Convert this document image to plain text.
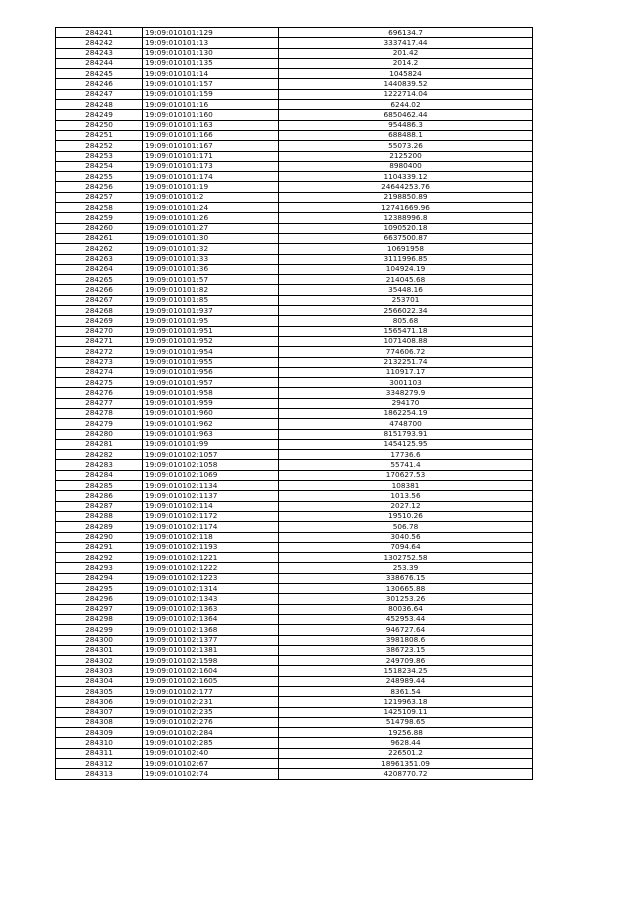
284241	19:09:010101:129	696134.7
284242	19:09:010101:13	3337417.44
284243	19:09:010101:130	201.42
284244	19:09:010101:135	2014.2
284245	19:09:010101:14	1045824
284246	19:09:010101:157	1440839.52
284247	19:09:010101:159	1222714.04
284248	19:09:010101:16	6244.02
284249	19:09:010101:160	6850462.44
284250	19:09:010101:163	954486.3
284251	19:09:010101:166	688488.1
284252	19:09:010101:167	55073.26
284253	19:09:010101:171	2125200
284254	19:09:010101:173	8980400
284255	19:09:010101:174	1104339.12
284256	19:09:010101:19	24644253.76
284257	19:09:010101:2	2198850.89
284258	19:09:010101:24	12741669.96
284259	19:09:010101:26	12388996.8
284260	19:09:010101:27	1090520.18
284261	19:09:010101:30	6637500.87
284262	19:09:010101:32	10691958
284263	19:09:010101:33	3111996.85
284264	19:09:010101:36	104924.19
284265	19:09:010101:57	214045.68
284266	19:09:010101:82	35448.16
284267	19:09:010101:85	253701
284268	19:09:010101:937	2566022.34
284269	19:09:010101:95	805.68
284270	19:09:010101:951	1565471.18
284271	19:09:010101:952	1071408.88
284272	19:09:010101:954	774606.72
284273	19:09:010101:955	2132251.74
284274	19:09:010101:956	110917.17
284275	19:09:010101:957	3001103
284276	19:09:010101:958	3348279.9
284277	19:09:010101:959	294170
284278	19:09:010101:960	1862254.19
284279	19:09:010101:962	4748700
284280	19:09:010101:963	8151793.91
284281	19:09:010101:99	1454125.95
284282	19:09:010102:1057	17736.6
284283	19:09:010102:1058	55741.4
284284	19:09:010102:1069	170627.53
284285	19:09:010102:1134	108381
284286	19:09:010102:1137	1013.56
284287	19:09:010102:114	2027.12
284288	19:09:010102:1172	19510.26
284289	19:09:010102:1174	506.78
284290	19:09:010102:118	3040.56
284291	19:09:010102:1193	7094.64
284292	19:09:010102:1221	1302752.58
284293	19:09:010102:1222	253.39
284294	19:09:010102:1223	338676.15
284295	19:09:010102:1314	130665.88
284296	19:09:010102:1343	301253.26
284297	19:09:010102:1363	80036.64
284298	19:09:010102:1364	452953.44
284299	19:09:010102:1368	946727.64
284300	19:09:010102:1377	3981808.6
284301	19:09:010102:1381	386723.15
284302	19:09:010102:1598	249709.86
284303	19:09:010102:1604	1518234.25
284304	19:09:010102:1605	248989.44
284305	19:09:010102:177	8361.54
284306	19:09:010102:231	1219963.18
284307	19:09:010102:235	1425109.11
284308	19:09:010102:276	514798.65
284309	19:09:010102:284	19256.88
284310	19:09:010102:285	9628.44
284311	19:09:010102:40	226501.2
284312	19:09:010102:67	18961351.09
284313	19:09:010102:74	4208770.72
